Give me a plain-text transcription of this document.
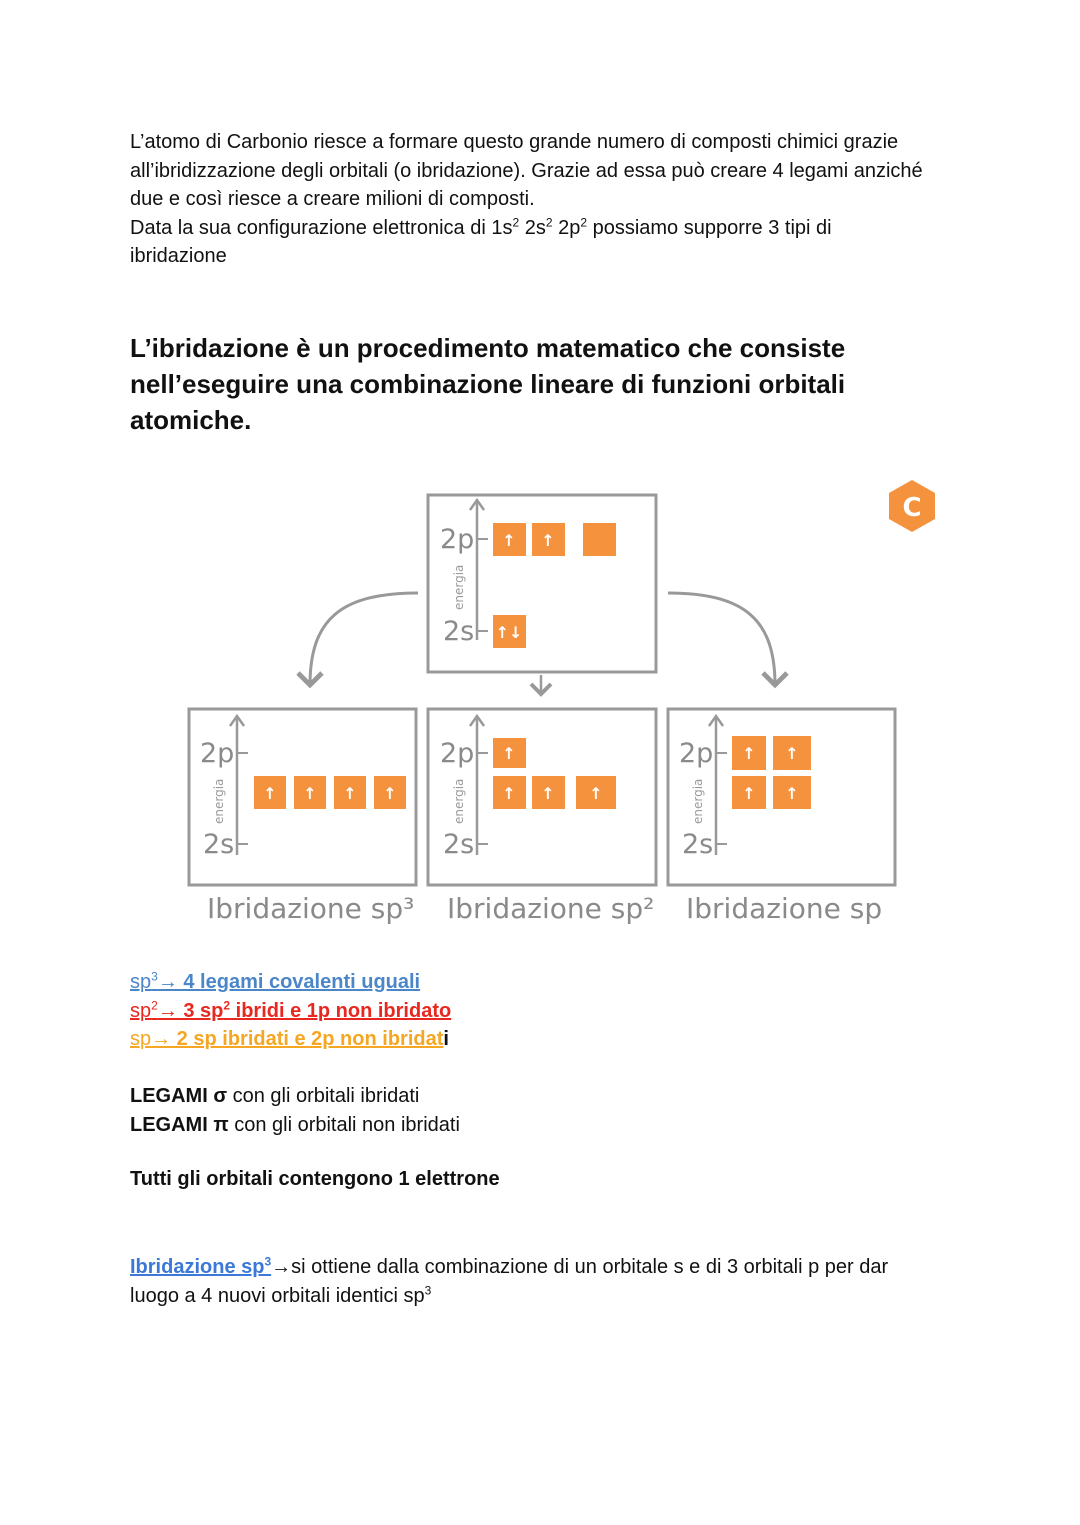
L’atomo di Carbonio riesce a formare questo grande numero di composti chimici grazie all’ibridizzazione degli orbitali (o ibridazione). Grazie ad essa può creare 4 legami anziché due e così riesce a creare milioni di composti.
Data la sua configurazione elettronica di $1s^2$ $2s^2$ $2p^2$ possiamo supporre 3 tipi di ibridazione

L’ibridazione è un procedimento matematico che consiste nell’eseguire una combinazione lineare di funzioni orbitali atomiche.

2p
2s
energia
↑ ↑
↑↓
2p
2s
energia ↑ ↑ ↑ ↑
2p
2s
energia
↑
↑ ↑ ↑
2p
2s
energia
↑ ↑
↑ ↑
Ibridazione sp³ Ibridazione sp² Ibridazione sp
C
$sp^3\to 4$ legami covalenti uguali
$sp^2\to 3$ $sp^2$ ibridi e 1p non ibridato
sp→ 2 sp ibridati e 2p non ibridati
LEGAMI σ con gli orbitali ibridati
LEGAMI π con gli orbitali non ibridati
Tutti gli orbitali contengono 1 elettrone
Ibridazione $sp^3\to si$ ottiene dalla combinazione di un orbitale s e di 3 orbitali p per dar luogo a 4 nuovi orbitali identici $sp^3$
